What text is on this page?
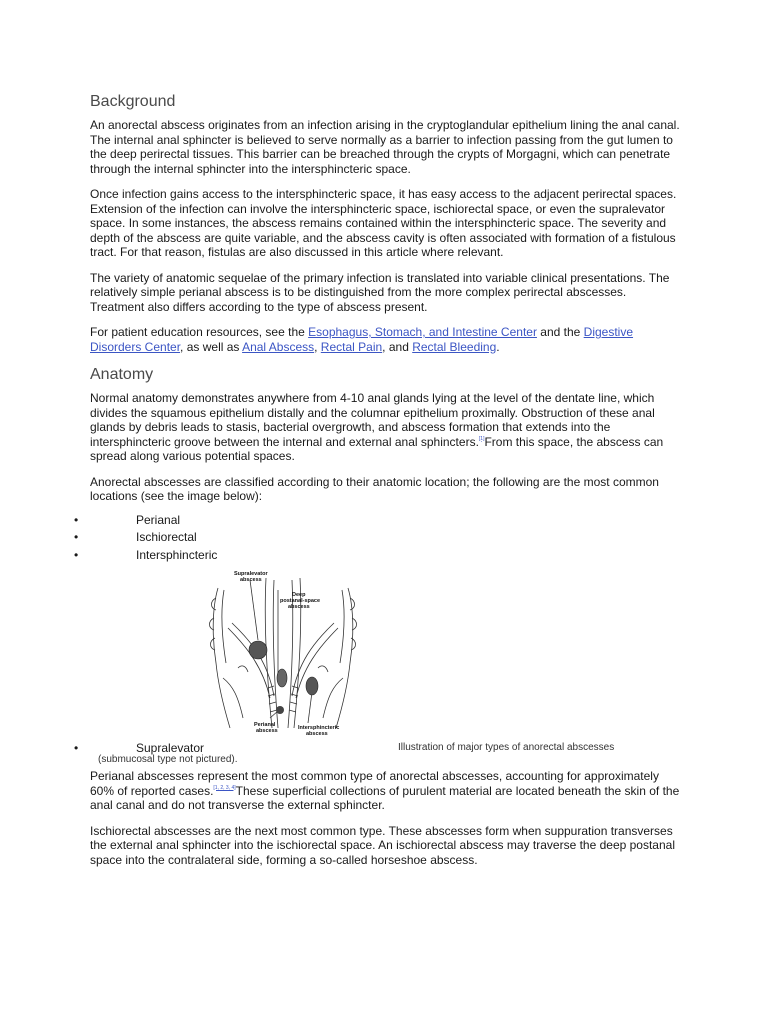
Background

An anorectal abscess originates from an infection arising in the cryptoglandular epithelium lining the anal canal. The internal anal sphincter is believed to serve normally as a barrier to infection passing from the gut lumen to the deep perirectal tissues. This barrier can be breached through the crypts of Morgagni, which can penetrate through the internal sphincter into the intersphincteric space.

Once infection gains access to the intersphincteric space, it has easy access to the adjacent perirectal spaces. Extension of the infection can involve the intersphincteric space, ischiorectal space, or even the supralevator space. In some instances, the abscess remains contained within the intersphincteric space. The severity and depth of the abscess are quite variable, and the abscess cavity is often associated with formation of a fistulous tract. For that reason, fistulas are also discussed in this article where relevant.

The variety of anatomic sequelae of the primary infection is translated into variable clinical presentations. The relatively simple perianal abscess is to be distinguished from the more complex perirectal abscesses. Treatment also differs according to the type of abscess present.

For patient education resources, see the Esophagus, Stomach, and Intestine Center and the Digestive Disorders Center, as well as Anal Abscess, Rectal Pain, and Rectal Bleeding.

Anatomy

Normal anatomy demonstrates anywhere from 4-10 anal glands lying at the level of the dentate line, which divides the squamous epithelium distally and the columnar epithelium proximally. Obstruction of these anal glands by debris leads to stasis, bacterial overgrowth, and abscess formation that extends into the intersphincteric groove between the internal and external anal sphincters.[1]From this space, the abscess can spread along various potential spaces.

Anorectal abscesses are classified according to their anatomic location; the following are the most common locations (see the image below):

•	Perianal
•	Ischiorectal
•	Intersphincteric
Supralevator
abscess
Deep
postanal-space
abscess
Perianal
abscess	Intersphincteric
abscess
•	Supralevator	Illustration of major types of anorectal abscesses
(submucosal type not pictured).

Perianal abscesses represent the most common type of anorectal abscesses, accounting for approximately 60% of reported cases.[1, 2, 3, 4]These superficial collections of purulent material are located beneath the skin of the anal canal and do not transverse the external sphincter.

Ischiorectal abscesses are the next most common type. These abscesses form when suppuration transverses the external anal sphincter into the ischiorectal space. An ischiorectal abscess may traverse the deep postanal space into the contralateral side, forming a so-called horseshoe abscess.
